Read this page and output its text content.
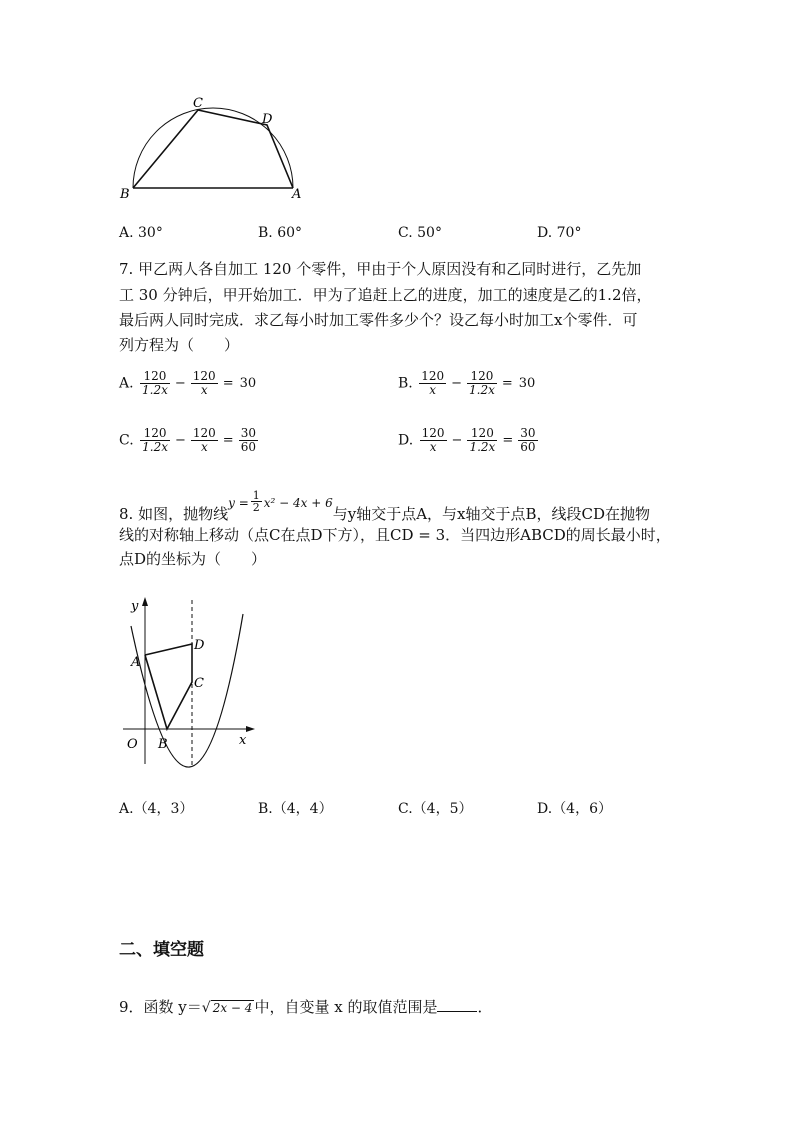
C
D
B	A
A. 30°	B. 60°	C. 50°	D. 70°
7. 甲乙两人各自加工 120 个零件，甲由于个人原因没有和乙同时进行，乙先加
工 30 分钟后，甲开始加工．甲为了追赶上乙的进度，加工的速度是乙的1.2倍，
最后两人同时完成．求乙每小时加工零件多少个？设乙每小时加工x个零件．可
列方程为（　　）
A. $\frac{120}{1.2x} - \frac{120}{x} = 30$	B. $\frac{120}{x} - \frac{120}{1.2x} = 30$
C. $\frac{120}{1.2x} - \frac{120}{x} = \frac{30}{60}$	D. $\frac{120}{x} - \frac{120}{1.2x} = \frac{30}{60}$
8. 如图，抛物线$^{y =} \frac{1}{2} ^{x^2 - 4x + 6}$与y轴交于点A，与x轴交于点B，线段CD在抛物
线的对称轴上移动（点C在点D下方），且CD = 3．当四边形ABCD的周长最小时，
点D的坐标为（　　）
y
x
O
A
B
C
D
A.（4，3）	B.（4，4）	C.（4，5）	D.（4，6）
二、填空题
9．函数 y＝√ 2x − 4 中，自变量 x 的取值范围是	．
